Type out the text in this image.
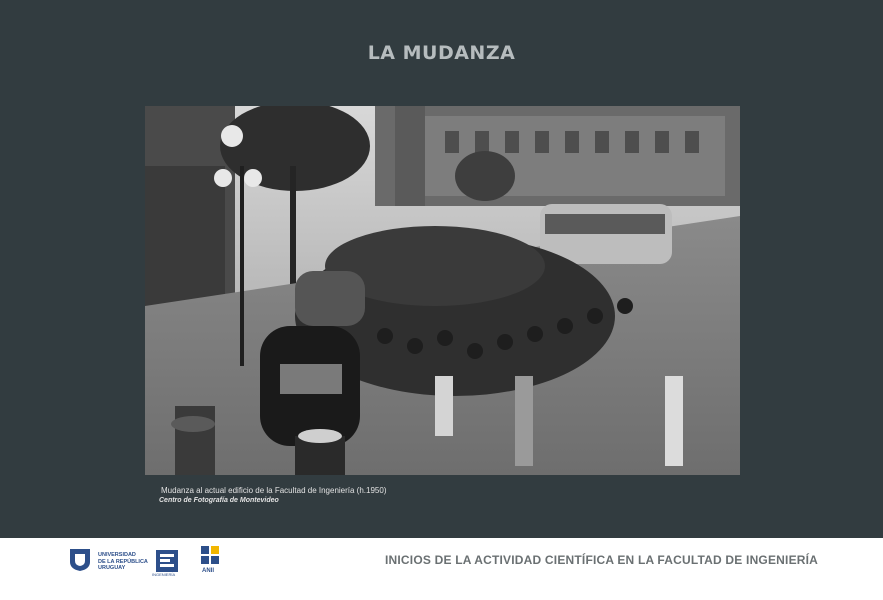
LA MUDANZA
Mudanza al actual edificio de la Facultad de Ingeniería (h.1950)
Centro de Fotografía de Montevideo
UNIVERSIDAD
DE LA REPÚBLICA
URUGUAY
INGENIERÍA
ANII
INICIOS DE LA ACTIVIDAD CIENTÍFICA EN LA FACULTAD DE INGENIERÍA
